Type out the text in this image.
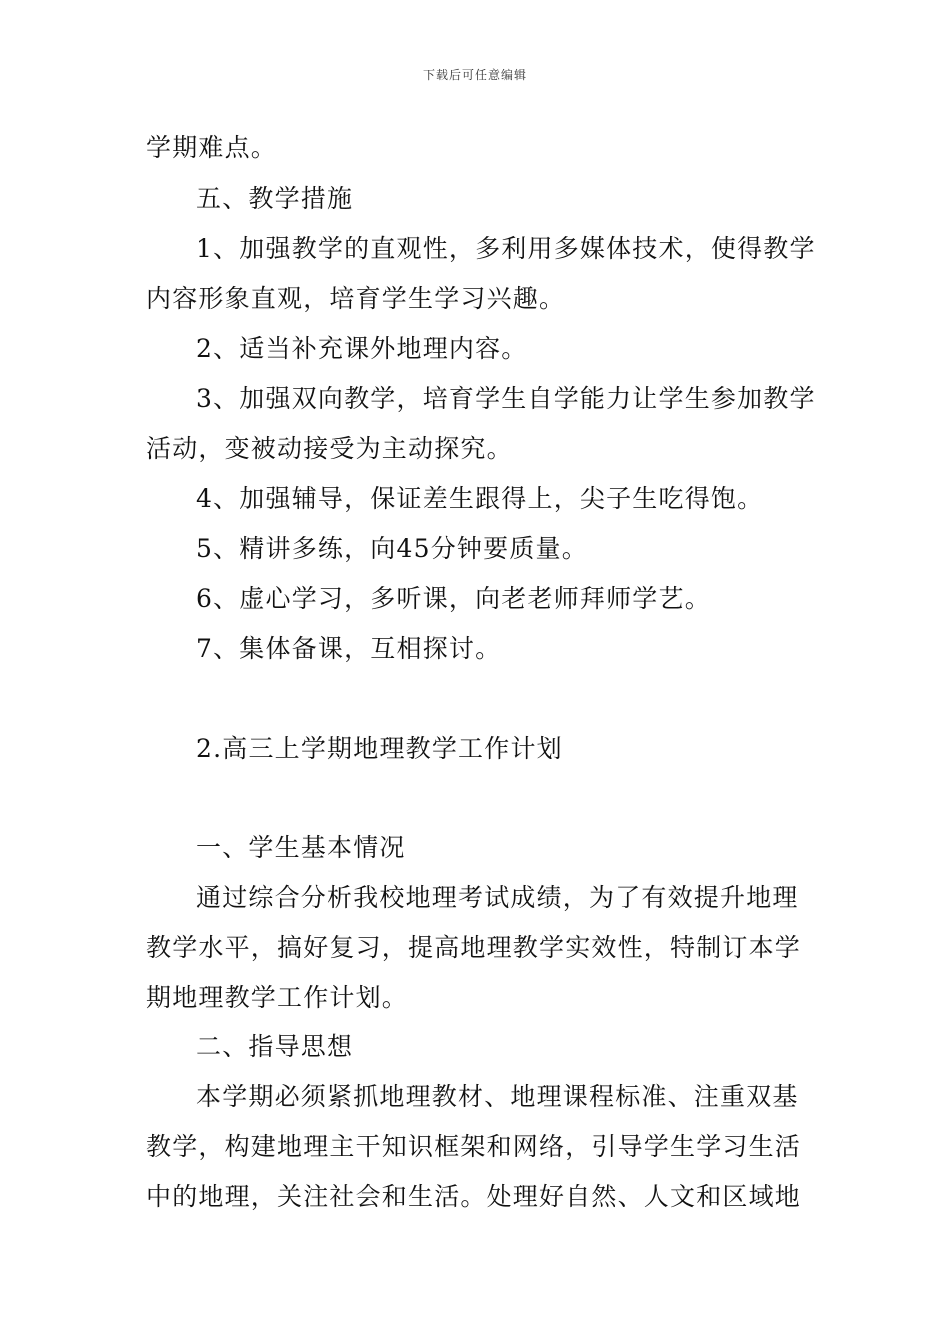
下载后可任意编辑
学期难点。
五、教学措施
1、加强教学的直观性，多利用多媒体技术，使得教学
内容形象直观，培育学生学习兴趣。
2、适当补充课外地理内容。
3、加强双向教学，培育学生自学能力让学生参加教学
活动，变被动接受为主动探究。
4、加强辅导，保证差生跟得上，尖子生吃得饱。
5、精讲多练，向45分钟要质量。
6、虚心学习，多听课，向老老师拜师学艺。
7、集体备课，互相探讨。
2.高三上学期地理教学工作计划
一、学生基本情况
通过综合分析我校地理考试成绩，为了有效提升地理
教学水平，搞好复习，提高地理教学实效性，特制订本学
期地理教学工作计划。
二、指导思想
本学期必须紧抓地理教材、地理课程标准、注重双基
教学，构建地理主干知识框架和网络，引导学生学习生活
中的地理，关注社会和生活。处理好自然、人文和区域地
